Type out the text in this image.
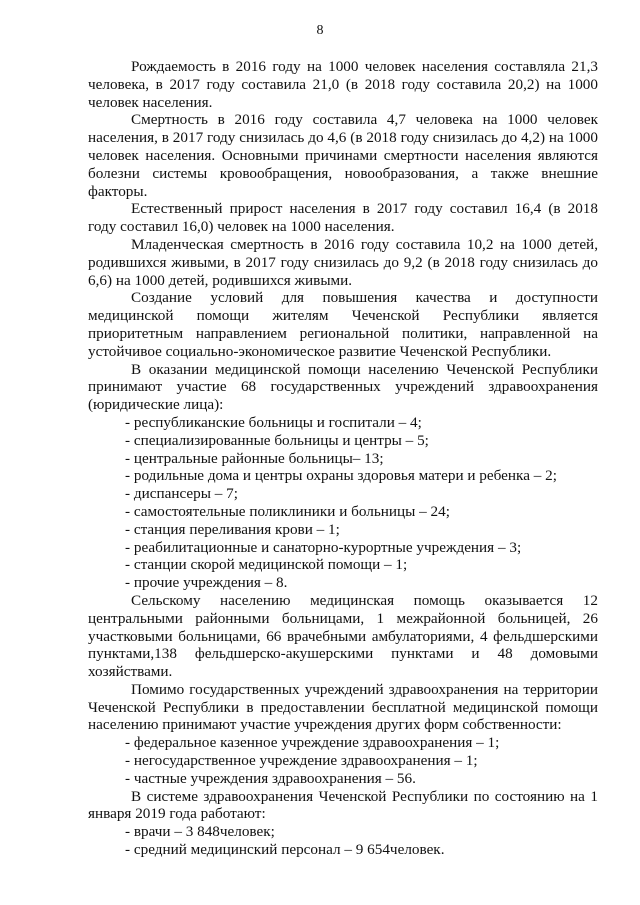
8

Рождаемость в 2016 году на 1000 человек населения составляла 21,3 человека, в 2017 году составила 21,0 (в 2018 году составила 20,2) на 1000 человек населения.

Смертность в 2016 году составила 4,7 человека на 1000 человек населения, в 2017 году снизилась до 4,6 (в 2018 году снизилась до 4,2) на 1000 человек населения. Основными причинами смертности населения являются болезни системы кровообращения, новообразования, а также внешние факторы.

Естественный прирост населения в 2017 году составил 16,4 (в 2018 году составил 16,0) человек на 1000 населения.

Младенческая смертность в 2016 году составила 10,2 на 1000 детей, родившихся живыми, в 2017 году снизилась до 9,2 (в 2018 году снизилась до 6,6) на 1000 детей, родившихся живыми.

Создание условий для повышения качества и доступности медицинской помощи жителям Чеченской Республики является приоритетным направлением региональной политики, направленной на устойчивое социально-экономическое развитие Чеченской Республики.

В оказании медицинской помощи населению Чеченской Республики принимают участие 68 государственных учреждений здравоохранения (юридические лица):

- республиканские больницы и госпитали – 4;

- специализированные больницы и центры – 5;

- центральные районные больницы– 13;

- родильные дома и центры охраны здоровья матери и ребенка – 2;

- диспансеры – 7;

- самостоятельные поликлиники и больницы – 24;

- станция переливания крови – 1;

- реабилитационные и санаторно-курортные учреждения – 3;

- станции скорой медицинской помощи – 1;

- прочие учреждения – 8.

Сельскому населению медицинская помощь оказывается 12 центральными районными больницами, 1 межрайонной больницей, 26 участковыми больницами, 66 врачебными амбулаториями, 4 фельдшерскими пунктами,138 фельдшерско-акушерскими пунктами и 48 домовыми хозяйствами.

Помимо государственных учреждений здравоохранения на территории Чеченской Республики в предоставлении бесплатной медицинской помощи населению принимают участие учреждения других форм собственности:

- федеральное казенное учреждение здравоохранения – 1;

- негосударственное учреждение здравоохранения – 1;

- частные учреждения здравоохранения – 56.

В системе здравоохранения Чеченской Республики по состоянию на 1 января 2019 года работают:

- врачи – 3 848человек;

- средний медицинский персонал – 9 654человек.
